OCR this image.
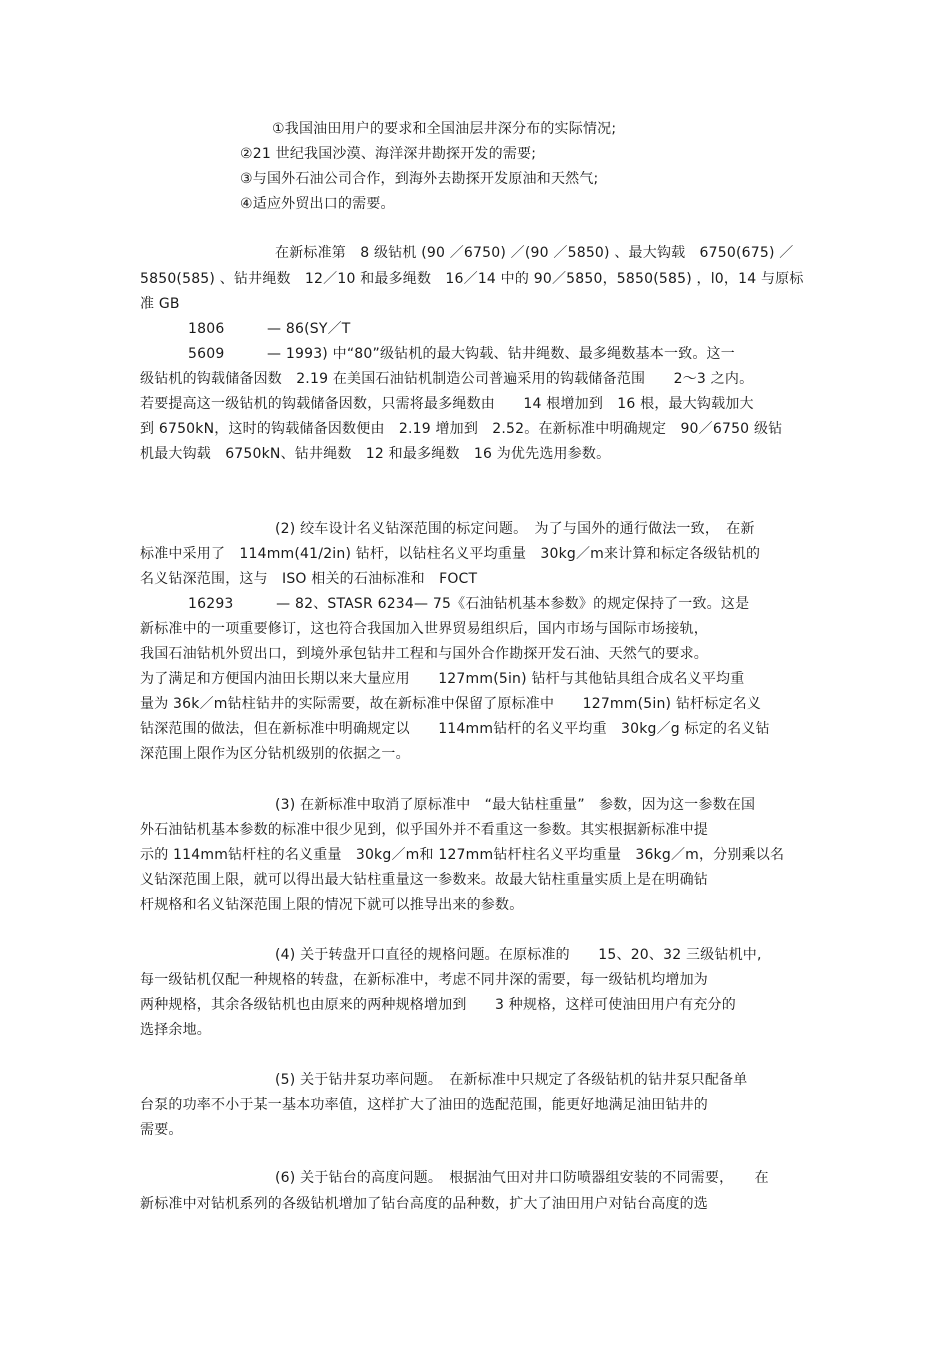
①我国油田用户的要求和全国油层井深分布的实际情况;
②21 世纪我国沙漠、海洋深井勘探开发的需要;
③与国外石油公司合作，到海外去勘探开发原油和天然气;
④适应外贸出口的需要。
在新标准第　8 级钻机 (90 ／6750) ／(90 ／5850) 、最大钩载　6750(675) ／
5850(585) 、钻井绳数　12／10 和最多绳数　16／14 中的 90／5850，5850(585) ，l0，14 与原标
准 GB
1806　　　— 86(SY／T
5609　　　— 1993) 中“80”级钻机的最大钩载、钻井绳数、最多绳数基本一致。这一
级钻机的钩载储备因数　2.19 在美国石油钻机制造公司普遍采用的钩载储备范围　　2～3 之内。
若要提高这一级钻机的钩载储备因数，只需将最多绳数由　　14 根增加到　16 根，最大钩载加大
到 6750kN，这时的钩载储备因数便由　2.19 增加到　2.52。在新标准中明确规定　90／6750 级钻
机最大钩载　6750kN、钻井绳数　12 和最多绳数　16 为优先选用参数。
(2) 绞车设计名义钻深范围的标定问题。　为了与国外的通行做法一致，　在新
标准中采用了　114mm(41/2in) 钻杆，以钻柱名义平均重量　30kg／m来计算和标定各级钻机的
名义钻深范围，这与　ISO 相关的石油标准和　FOCT
16293　　　— 82、STASR 6234— 75《石油钻机基本参数》的规定保持了一致。这是
新标准中的一项重要修订，这也符合我国加入世界贸易组织后，国内市场与国际市场接轨，
我国石油钻机外贸出口，到境外承包钻井工程和与国外合作勘探开发石油、天然气的要求。
为了满足和方便国内油田长期以来大量应用　　127mm(5in) 钻杆与其他钻具组合成名义平均重
量为 36k／m钻柱钻井的实际需要，故在新标准中保留了原标准中　　127mm(5in) 钻杆标定名义
钻深范围的做法，但在新标准中明确规定以　　114mm钻杆的名义平均重　30kg／g 标定的名义钻
深范围上限作为区分钻机级别的依据之一。
(3) 在新标准中取消了原标准中　“最大钻柱重量”　参数，因为这一参数在国
外石油钻机基本参数的标准中很少见到，似乎国外并不看重这一参数。其实根据新标准中提
示的 114mm钻杆柱的名义重量　30kg／m和 127mm钻杆柱名义平均重量　36kg／m，分别乘以名
义钻深范围上限，就可以得出最大钻柱重量这一参数来。故最大钻柱重量实质上是在明确钻
杆规格和名义钻深范围上限的情况下就可以推导出来的参数。
(4) 关于转盘开口直径的规格问题。在原标准的　　15、20、32 三级钻机中,
每一级钻机仅配一种规格的转盘，在新标准中，考虑不同井深的需要，每一级钻机均增加为
两种规格，其余各级钻机也由原来的两种规格增加到　　3 种规格，这样可使油田用户有充分的
选择余地。
(5) 关于钻井泵功率问题。　在新标准中只规定了各级钻机的钻井泵只配备单
台泵的功率不小于某一基本功率值，这样扩大了油田的选配范围，能更好地满足油田钻井的
需要。
(6) 关于钻台的高度问题。　根据油气田对井口防喷器组安装的不同需要，　　在
新标准中对钻机系列的各级钻机增加了钻台高度的品种数，扩大了油田用户对钻台高度的选
